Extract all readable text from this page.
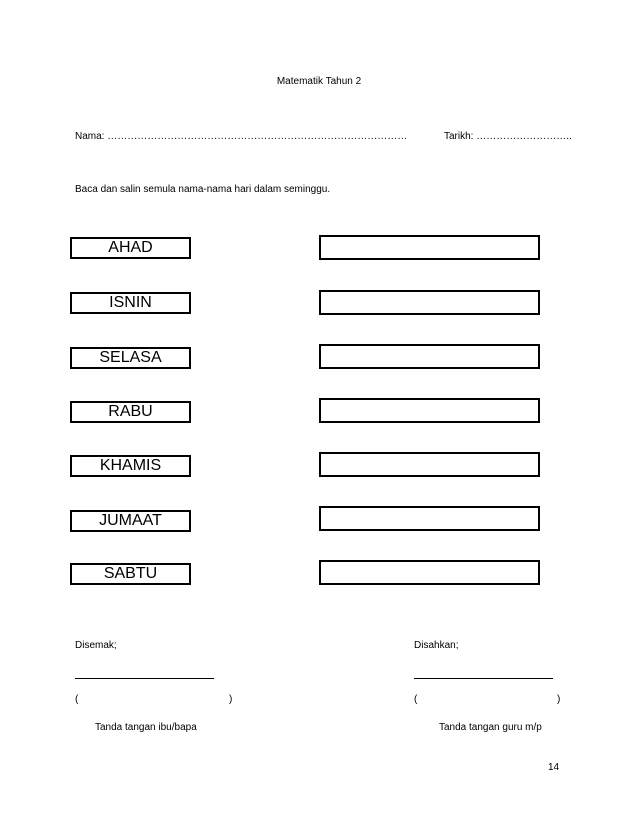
Matematik Tahun 2
Nama: ………………………………………………………………………………	Tarikh: ………………………..
Baca dan salin semula nama-nama hari dalam seminggu.
AHAD
ISNIN
SELASA
RABU
KHAMIS
JUMAAT
SABTU
Disemak;
(	)
Tanda tangan ibu/bapa
Disahkan;
(	)
Tanda tangan guru m/p
14
